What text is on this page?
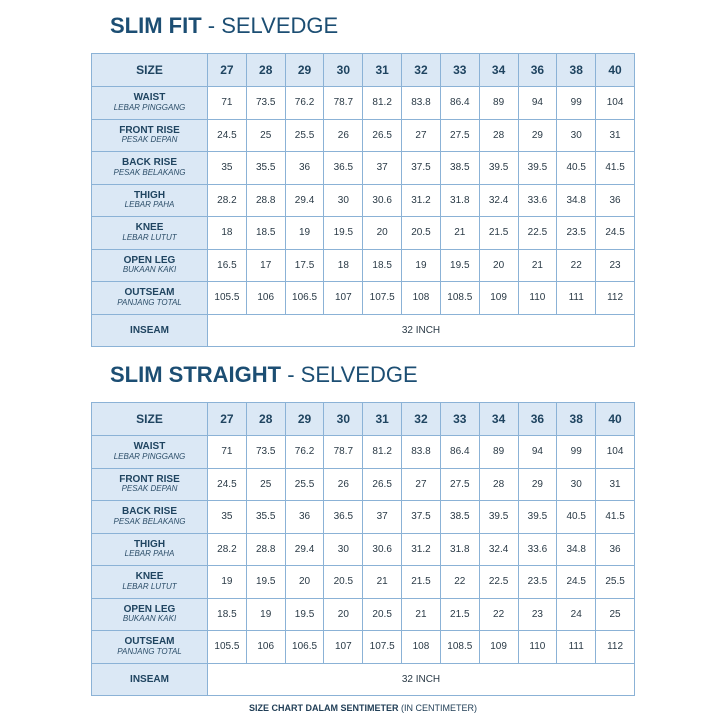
SLIM FIT - SELVEDGE
SIZE	27	28	29	30	31	32	33	34	36	38	40

WAIST
LEBAR PINGGANG	71	73.5	76.2	78.7	81.2	83.8	86.4	89	94	99	104

FRONT RISE
PESAK DEPAN	24.5	25	25.5	26	26.5	27	27.5	28	29	30	31

BACK RISE
PESAK BELAKANG	35	35.5	36	36.5	37	37.5	38.5	39.5	39.5	40.5	41.5

THIGH
LEBAR PAHA	28.2	28.8	29.4	30	30.6	31.2	31.8	32.4	33.6	34.8	36

KNEE
LEBAR LUTUT	18	18.5	19	19.5	20	20.5	21	21.5	22.5	23.5	24.5

OPEN LEG
BUKAAN KAKI	16.5	17	17.5	18	18.5	19	19.5	20	21	22	23

OUTSEAM
PANJANG TOTAL	105.5	106	106.5	107	107.5	108	108.5	109	110	111	112
INSEAM	32 INCH										
SLIM STRAIGHT - SELVEDGE
SIZE	27	28	29	30	31	32	33	34	36	38	40

WAIST
LEBAR PINGGANG	71	73.5	76.2	78.7	81.2	83.8	86.4	89	94	99	104

FRONT RISE
PESAK DEPAN	24.5	25	25.5	26	26.5	27	27.5	28	29	30	31

BACK RISE
PESAK BELAKANG	35	35.5	36	36.5	37	37.5	38.5	39.5	39.5	40.5	41.5

THIGH
LEBAR PAHA	28.2	28.8	29.4	30	30.6	31.2	31.8	32.4	33.6	34.8	36

KNEE
LEBAR LUTUT	19	19.5	20	20.5	21	21.5	22	22.5	23.5	24.5	25.5

OPEN LEG
BUKAAN KAKI	18.5	19	19.5	20	20.5	21	21.5	22	23	24	25

OUTSEAM
PANJANG TOTAL	105.5	106	106.5	107	107.5	108	108.5	109	110	111	112
INSEAM	32 INCH										
SIZE CHART DALAM SENTIMETER (IN CENTIMETER)
